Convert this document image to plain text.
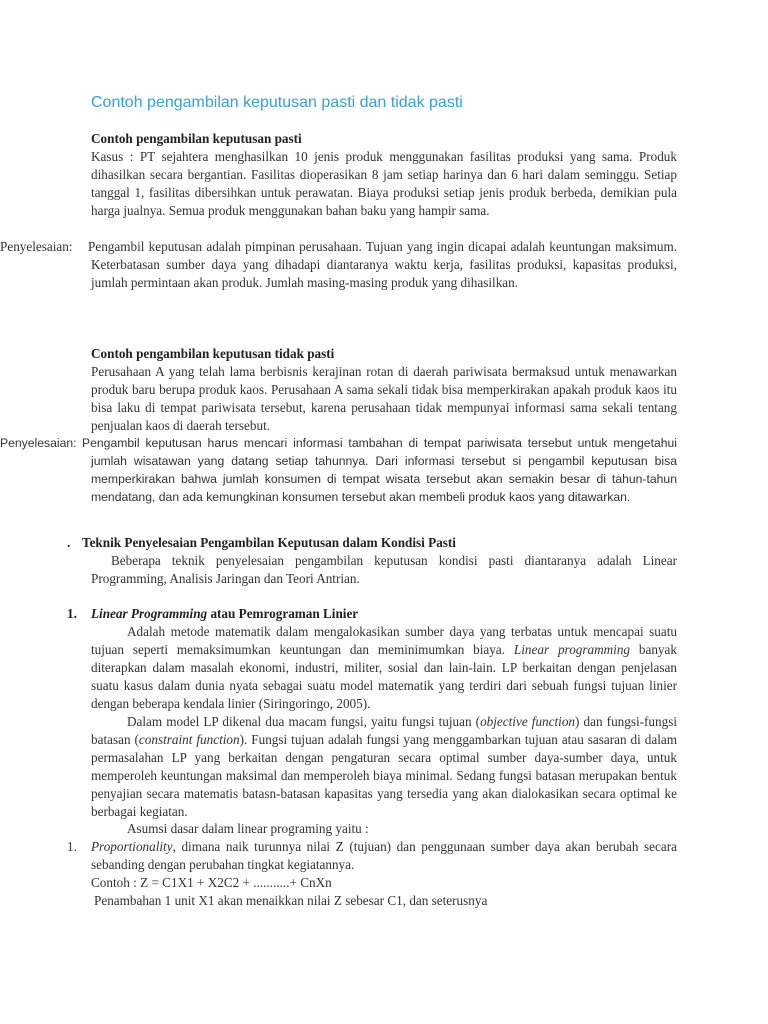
Contoh pengambilan keputusan pasti dan tidak pasti
Contoh pengambilan keputusan pasti
Kasus : PT sejahtera menghasilkan 10 jenis produk menggunakan fasilitas produksi yang sama. Produk dihasilkan secara bergantian. Fasilitas dioperasikan 8 jam setiap harinya dan 6 hari dalam seminggu. Setiap tanggal 1, fasilitas dibersihkan untuk perawatan. Biaya produksi setiap jenis produk berbeda, demikian pula harga jualnya. Semua produk menggunakan bahan baku yang hampir sama.
Penyelesaian: Pengambil keputusan adalah pimpinan perusahaan. Tujuan yang ingin dicapai adalah keuntungan maksimum. Keterbatasan sumber daya yang dihadapi diantaranya waktu kerja, fasilitas produksi, kapasitas produksi, jumlah permintaan akan produk. Jumlah masing-masing produk yang dihasilkan.
Contoh pengambilan keputusan tidak pasti
Perusahaan A yang telah lama berbisnis kerajinan rotan di daerah pariwisata bermaksud untuk menawarkan produk baru berupa produk kaos. Perusahaan A sama sekali tidak bisa memperkirakan apakah produk kaos itu bisa laku di tempat pariwisata tersebut, karena perusahaan tidak mempunyai informasi sama sekali tentang penjualan kaos di daerah tersebut.
Penyelesaian: Pengambil keputusan harus mencari informasi tambahan di tempat pariwisata tersebut untuk mengetahui jumlah wisatawan yang datang setiap tahunnya. Dari informasi tersebut si pengambil keputusan bisa memperkirakan bahwa jumlah konsumen di tempat wisata tersebut akan semakin besar di tahun-tahun mendatang, dan ada kemungkinan konsumen tersebut akan membeli produk kaos yang ditawarkan.
. Teknik Penyelesaian Pengambilan Keputusan dalam Kondisi Pasti
Beberapa teknik penyelesaian pengambilan keputusan kondisi pasti diantaranya adalah Linear Programming, Analisis Jaringan dan Teori Antrian.
1. Linear Programming atau Pemrograman Linier
Adalah metode matematik dalam mengalokasikan sumber daya yang terbatas untuk mencapai suatu tujuan seperti memaksimumkan keuntungan dan meminimumkan biaya. Linear programming banyak diterapkan dalam masalah ekonomi, industri, militer, sosial dan lain-lain. LP berkaitan dengan penjelasan suatu kasus dalam dunia nyata sebagai suatu model matematik yang terdiri dari sebuah fungsi tujuan linier dengan beberapa kendala linier (Siringoringo, 2005).
Dalam model LP dikenal dua macam fungsi, yaitu fungsi tujuan (objective function) dan fungsi-fungsi batasan (constraint function). Fungsi tujuan adalah fungsi yang menggambarkan tujuan atau sasaran di dalam permasalahan LP yang berkaitan dengan pengaturan secara optimal sumber daya-sumber daya, untuk memperoleh keuntungan maksimal dan memperoleh biaya minimal. Sedang fungsi batasan merupakan bentuk penyajian secara matematis batasn-batasan kapasitas yang tersedia yang akan dialokasikan secara optimal ke berbagai kegiatan.
Asumsi dasar dalam linear programing yaitu :
1. Proportionality, dimana naik turunnya nilai Z (tujuan) dan penggunaan sumber daya akan berubah secara sebanding dengan perubahan tingkat kegiatannya.
Contoh : Z = C1X1 + X2C2 + ...........+ CnXn
Penambahan 1 unit X1 akan menaikkan nilai Z sebesar C1, dan seterusnya
